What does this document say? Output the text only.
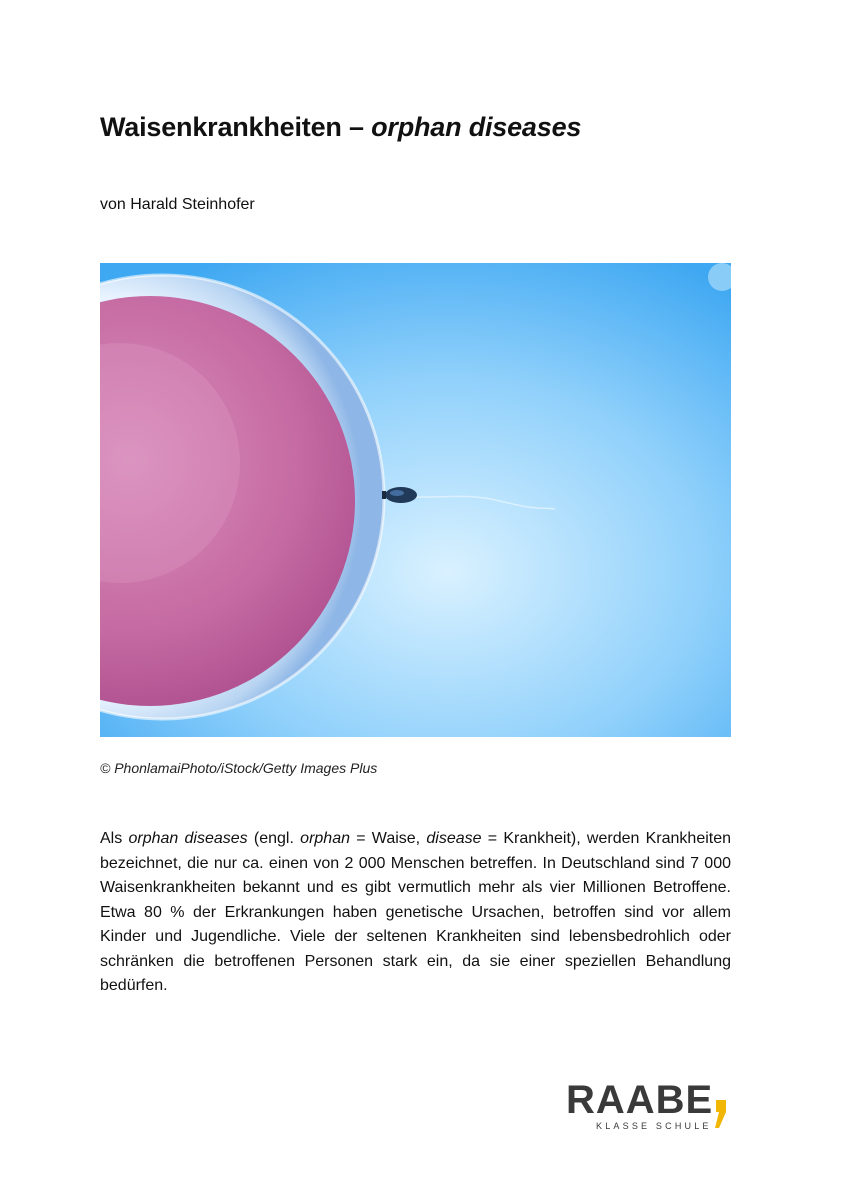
Waisenkrankheiten – orphan diseases
von Harald Steinhofer
© PhonlamaiPhoto/iStock/Getty Images Plus
Als orphan diseases (engl. orphan = Waise, disease = Krankheit), werden Krankheiten bezeichnet, die nur ca. einen von 2 000 Menschen betreffen. In Deutschland sind 7 000 Waisenkrankheiten bekannt und es gibt vermutlich mehr als vier Millionen Betroffene. Etwa 80 % der Erkrankungen haben genetische Ursachen, betroffen sind vor allem Kinder und Jugendliche. Viele der seltenen Krankheiten sind lebensbedrohlich oder schränken die betroffenen Personen stark ein, da sie einer speziellen Behandlung bedürfen.
RAABE
KLASSE SCHULE
